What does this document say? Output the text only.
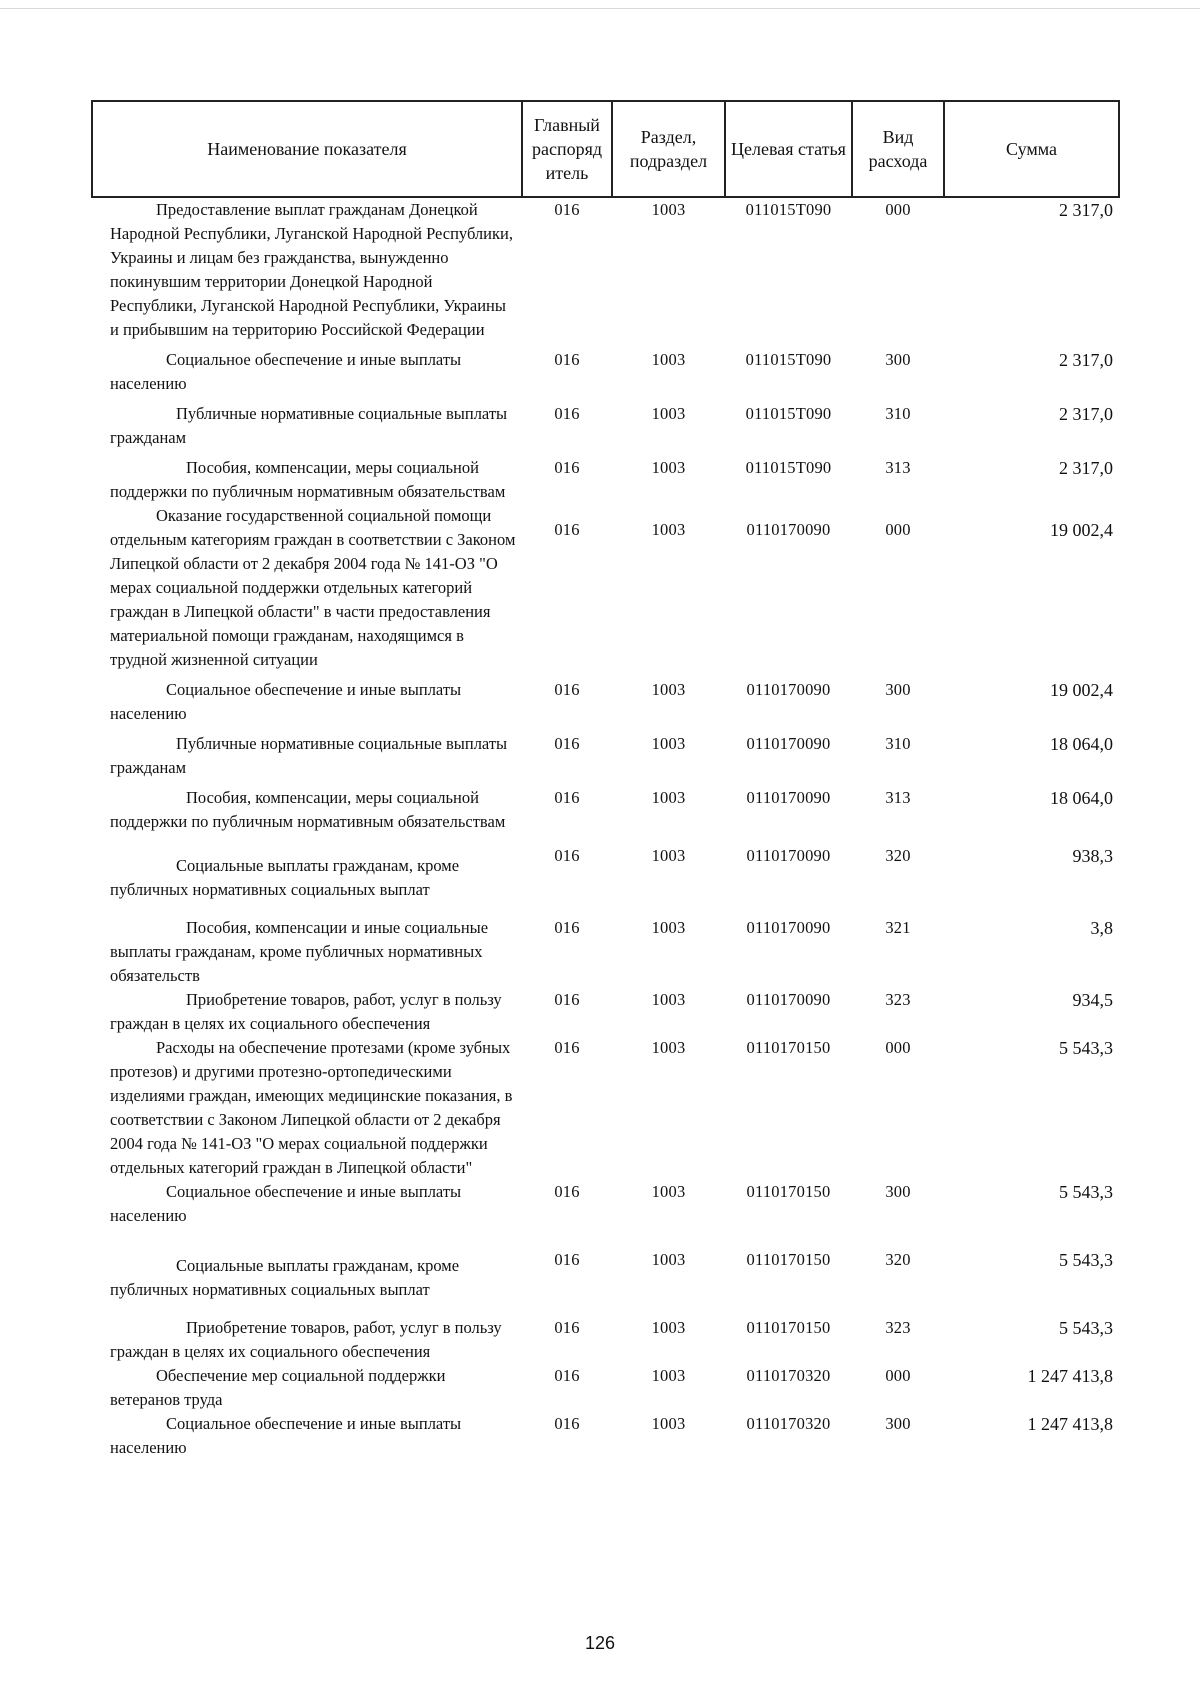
Наименование показателя	Главный распоряд итель	Раздел, подраздел	Целевая статья	Вид расхода	Сумма

Предоставление выплат гражданам Донецкой Народной Республики, Луганской Народной Республики, Украины и лицам без гражданства, вынужденно покинувшим территории Донецкой Народной Республики, Луганской Народной Республики, Украины и прибывшим на территорию Российской Федерации	016	1003	011015T090	000	2 317,0

Социальное обеспечение и иные выплаты населению	016	1003	011015T090	300	2 317,0

Публичные нормативные социальные выплаты гражданам	016	1003	011015T090	310	2 317,0

Пособия, компенсации, меры социальной поддержки по публичным нормативным обязательствам	016	1003	011015T090	313	2 317,0

Оказание государственной социальной помощи отдельным категориям граждан в соответствии с Законом Липецкой области от 2 декабря 2004 года № 141-ОЗ "О мерах социальной поддержки отдельных категорий граждан в Липецкой области" в части предоставления материальной помощи гражданам, находящимся в трудной жизненной ситуации	016	1003	0110170090	000	19 002,4

Социальное обеспечение и иные выплаты населению	016	1003	0110170090	300	19 002,4

Публичные нормативные социальные выплаты гражданам	016	1003	0110170090	310	18 064,0

Пособия, компенсации, меры социальной поддержки по публичным нормативным обязательствам	016	1003	0110170090	313	18 064,0

Социальные выплаты гражданам, кроме публичных нормативных социальных выплат	016	1003	0110170090	320	938,3

Пособия, компенсации и иные социальные выплаты гражданам, кроме публичных нормативных обязательств	016	1003	0110170090	321	3,8

Приобретение товаров, работ, услуг в пользу граждан в целях их социального обеспечения	016	1003	0110170090	323	934,5

Расходы на обеспечение протезами (кроме зубных протезов) и другими протезно-ортопедическими изделиями граждан, имеющих медицинские показания, в соответствии с Законом Липецкой области от 2 декабря 2004 года № 141-ОЗ "О мерах социальной поддержки отдельных категорий граждан в Липецкой области"	016	1003	0110170150	000	5 543,3

Социальное обеспечение и иные выплаты населению	016	1003	0110170150	300	5 543,3

Социальные выплаты гражданам, кроме публичных нормативных социальных выплат	016	1003	0110170150	320	5 543,3

Приобретение товаров, работ, услуг в пользу граждан в целях их социального обеспечения	016	1003	0110170150	323	5 543,3

Обеспечение мер социальной поддержки ветеранов труда	016	1003	0110170320	000	1 247 413,8

Социальное обеспечение и иные выплаты населению	016	1003	0110170320	300	1 247 413,8
126
